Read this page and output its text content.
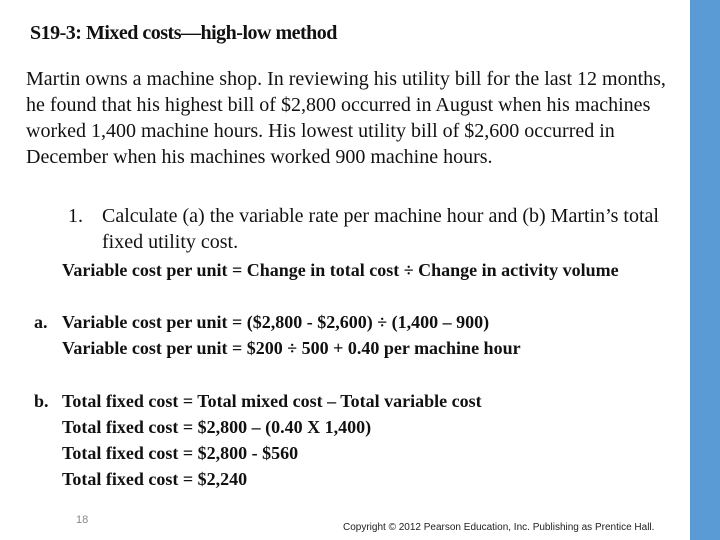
S19-3: Mixed costs—high-low method
Martin owns a machine shop. In reviewing his utility bill for the last 12 months, he found that his highest bill of $2,800 occurred in August when his machines worked 1,400 machine hours. His lowest utility bill of $2,600 occurred in December when his machines worked 900 machine hours.
1. Calculate (a) the variable rate per machine hour and (b) Martin’s total fixed utility cost.
Variable cost per unit = Change in total cost ÷ Change in activity volume
a. Variable cost per unit = ($2,800 - $2,600) ÷ (1,400 – 900)
Variable cost per unit = $200 ÷ 500 + 0.40 per machine hour
b. Total fixed cost = Total mixed cost – Total variable cost
Total fixed cost = $2,800 – (0.40 X 1,400)
Total fixed cost = $2,800 - $560
Total fixed cost = $2,240
18
Copyright © 2012 Pearson Education, Inc. Publishing as Prentice Hall.
